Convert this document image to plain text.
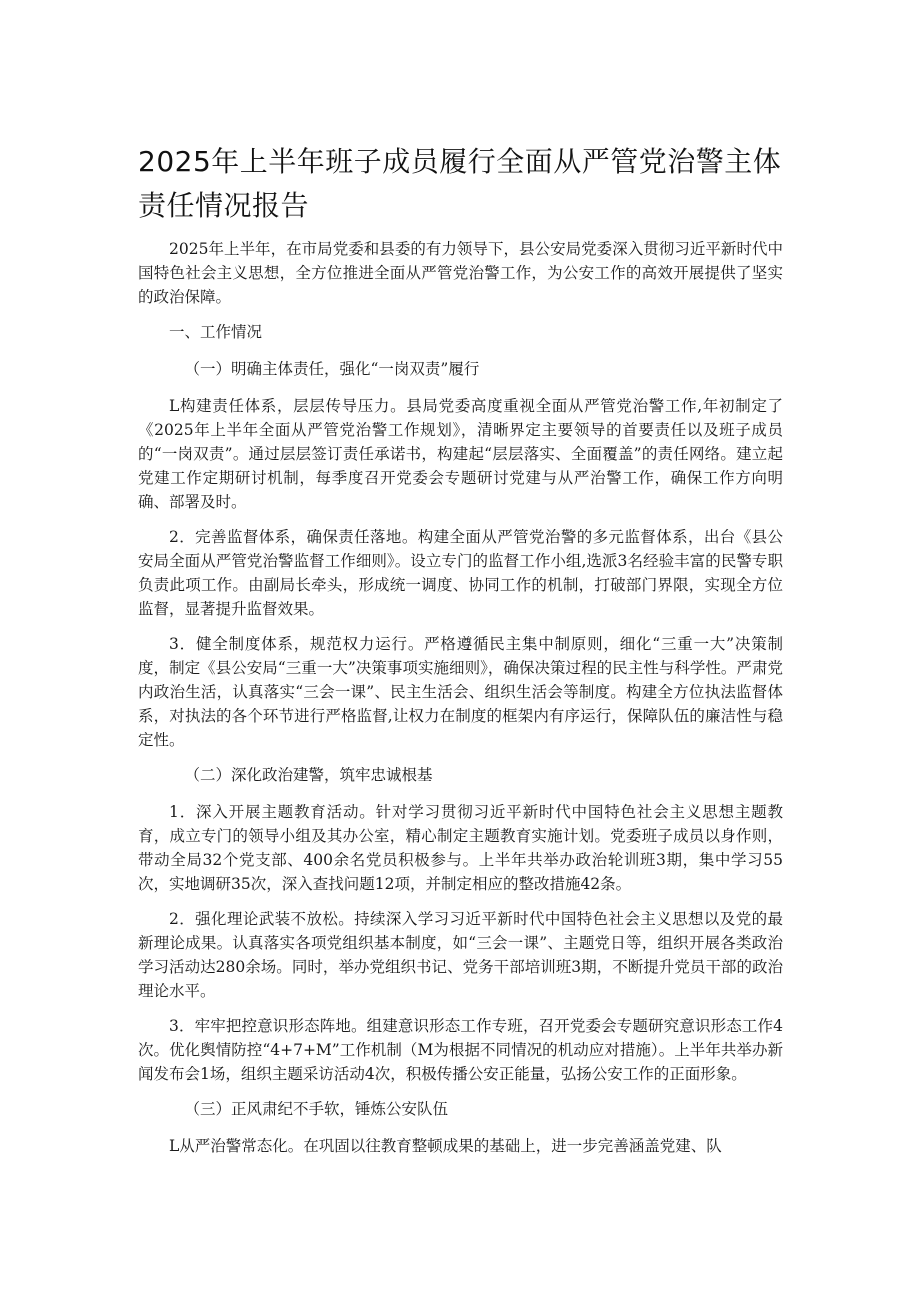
2025年上半年班子成员履行全面从严管党治警主体责任情况报告

2025年上半年，在市局党委和县委的有力领导下，县公安局党委深入贯彻习近平新时代中国特色社会主义思想，全方位推进全面从严管党治警工作，为公安工作的高效开展提供了坚实的政治保障。

一、工作情况

（一）明确主体责任，强化“一岗双责”履行

L构建责任体系，层层传导压力。县局党委高度重视全面从严管党治警工作,年初制定了《2025年上半年全面从严管党治警工作规划》，清晰界定主要领导的首要责任以及班子成员的“一岗双责”。通过层层签订责任承诺书，构建起“层层落实、全面覆盖”的责任网络。建立起党建工作定期研讨机制，每季度召开党委会专题研讨党建与从严治警工作，确保工作方向明确、部署及时。

2．完善监督体系，确保责任落地。构建全面从严管党治警的多元监督体系，出台《县公安局全面从严管党治警监督工作细则》。设立专门的监督工作小组,选派3名经验丰富的民警专职负责此项工作。由副局长牵头，形成统一调度、协同工作的机制，打破部门界限，实现全方位监督，显著提升监督效果。

3．健全制度体系，规范权力运行。严格遵循民主集中制原则，细化“三重一大”决策制度，制定《县公安局“三重一大”决策事项实施细则》，确保决策过程的民主性与科学性。严肃党内政治生活，认真落实“三会一课”、民主生活会、组织生活会等制度。构建全方位执法监督体系，对执法的各个环节进行严格监督,让权力在制度的框架内有序运行，保障队伍的廉洁性与稳定性。

（二）深化政治建警，筑牢忠诚根基

1．深入开展主题教育活动。针对学习贯彻习近平新时代中国特色社会主义思想主题教育，成立专门的领导小组及其办公室，精心制定主题教育实施计划。党委班子成员以身作则，带动全局32个党支部、400余名党员积极参与。上半年共举办政治轮训班3期，集中学习55次，实地调研35次，深入查找问题12项，并制定相应的整改措施42条。

2．强化理论武装不放松。持续深入学习习近平新时代中国特色社会主义思想以及党的最新理论成果。认真落实各项党组织基本制度，如“三会一课”、主题党日等，组织开展各类政治学习活动达280余场。同时，举办党组织书记、党务干部培训班3期，不断提升党员干部的政治理论水平。

3．牢牢把控意识形态阵地。组建意识形态工作专班，召开党委会专题研究意识形态工作4次。优化舆情防控“4+7+M”工作机制（M为根据不同情况的机动应对措施）。上半年共举办新闻发布会1场，组织主题采访活动4次，积极传播公安正能量，弘扬公安工作的正面形象。

（三）正风肃纪不手软，锤炼公安队伍

L从严治警常态化。在巩固以往教育整顿成果的基础上，进一步完善涵盖党建、队
